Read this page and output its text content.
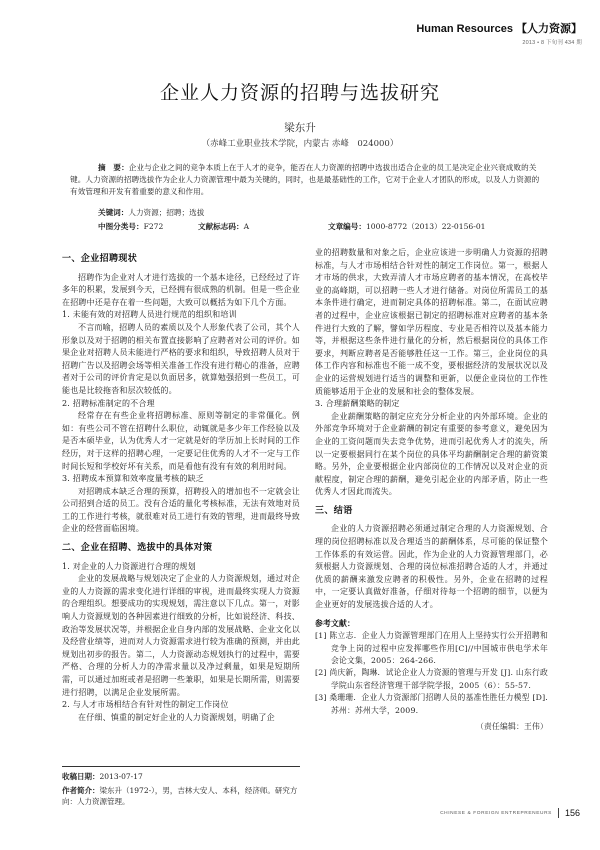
Human Resources 【人力资源】
2013 • 8 下旬刊 434 期
企业人力资源的招聘与选拔研究
梁东升
（赤峰工业职业技术学院，内蒙古 赤峰　024000）
摘　要：企业与企业之间的竞争本质上在于人才的竞争，能否在人力资源的招聘中选拔出适合企业的员工是决定企业兴衰成败的关键。人力资源的招聘选拔作为企业人力资源管理中最为关键的，同时，也是最基础性的工作，它对于企业人才团队的形成，以及人力资源的有效管理和开发有着重要的意义和作用。
关键词：人力资源；招聘；选拔
中图分类号：F272	文献标志码：A	文章编号：1000-8772（2013）22-0156-01
一、企业招聘现状

招聘作为企业对人才进行选拔的一个基本途径，已经经过了许多年的积累，发展到今天，已经拥有很成熟的机制。但是一些企业在招聘中还是存在着一些问题，大致可以概括为如下几个方面。

1. 未能有效的对招聘人员进行规范的组织和培训

不言而喻，招聘人员的素质以及个人形象代表了公司，其个人形象以及对于招聘的相关布置直接影响了应聘者对公司的评价。如果企业对招聘人员未能进行严格的要求和组织，导致招聘人员对于招聘广告以及招聘会场等相关准备工作没有进行精心的准备，应聘者对于公司的评价肯定是以负面居多，就算勉强招到一些员工，可能也是比较拖沓和层次较低的。

2. 招聘标准制定的不合理

经常存在有些企业将招聘标准、原则等制定的非常僵化。例如：有些公司不管在招聘什么职位，动辄就是多少年工作经验以及是否本硕毕业，认为优秀人才一定就是好的学历加上长时间的工作经历，对于这样的招聘心理，一定要记住优秀的人才不一定与工作时间长短和学校好坏有关系，而是看他有没有有效的利用时间。

3. 招聘成本预算和效率度量考核的缺乏

对招聘成本缺乏合理的预算，招聘投入的增加也不一定就会让公司招到合适的员工。没有合适的量化考核标准，无法有效地对员工的工作进行考核，就很难对员工进行有效的管理，进而最终导致企业的经营面临困境。

二、企业在招聘、选拔中的具体对策

1. 对企业的人力资源进行合理的规划

企业的发展战略与规划决定了企业的人力资源规划，通过对企业的人力资源的需求变化进行详细的审视，进而最终实现人力资源的合理组织。想要成功的实现规划，需注意以下几点。第一，对影响人力资源规划的各种因素进行细致的分析，比如说经济、科技、政治等发展状况等，并根据企业自身内部的发展战略、企业文化以及经营业绩等，进而对人力资源需求进行较为准确的预测，并由此规划出初步的报告。第二，人力资源动态规划执行的过程中，需要严格、合理的分析人力的净需求量以及净过剩量，如果是短期所需，可以通过加班或者是招聘一些兼职，如果是长期所需，则需要进行招聘，以满足企业发展所需。

2. 与人才市场相结合有针对性的制定工作岗位

在仔细、慎重的制定好企业的人力资源规划，明确了企

业的招聘数量和对象之后，企业应该进一步明确人力资源的招聘标准，与人才市场相结合针对性的制定工作岗位。第一，根据人才市场的供求，大致弄清人才市场应聘者的基本情况，在高校毕业的高峰期，可以招聘一些人才进行储备。对岗位所需员工的基本条件进行确定，进而制定具体的招聘标准。第二，在面试应聘者的过程中，企业应该根据已制定的招聘标准对应聘者的基本条件进行大致的了解，譬如学历程度、专业是否相符以及基本能力等，并根据这些条件进行量化的分析，然后根据岗位的具体工作要求，判断应聘者是否能够胜任这一工作。第三，企业岗位的具体工作内容和标准也不能一成不变，要根据经济的发展状况以及企业的运营规划进行适当的调整和更新，以便企业岗位的工作性质能够适用于企业的发展和社会的整体发展。

3. 合理薪酬策略的制定

企业薪酬策略的制定应充分分析企业的内外部环境。企业的外部竞争环境对于企业薪酬的制定有重要的参考意义，避免因为企业的工资问题而失去竞争优势，进而引起优秀人才的流失，所以一定要根据同行在某个岗位的具体平均薪酬制定合理的薪资策略。另外，企业要根据企业内部岗位的工作情况以及对企业的贡献程度，制定合理的薪酬，避免引起企业的内部矛盾，防止一些优秀人才因此而流失。

三、结语

企业的人力资源招聘必须通过制定合理的人力资源规划、合理的岗位招聘标准以及合理适当的薪酬体系，尽可能的保证整个工作体系的有效运营。因此，作为企业的人力资源管理部门，必须根据人力资源规划、合理的岗位标准招聘合适的人才，并通过优质的薪酬来激发应聘者的积极性。另外，企业在招聘的过程中，一定要认真做好准备，仔细对待每一个招聘的细节，以便为企业更好的发展选拔合适的人才。

参考文献：
[1] 陈立志．企业人力资源管理部门在用人上坚持实行公开招聘和竞争上岗的过程中应发挥哪些作用[C]//中国城市供电学术年会论文集，2005：264-266.
[2] 尚庆新，陶琳．试论企业人力资源的管理与开发 [J]. 山东行政学院山东省经济管理干部学院学报，2005（6）：55-57.
[3] 桑珊珊．企业人力资源部门招聘人员的基准性胜任力模型 [D]. 苏州：苏州大学，2009.
（责任编辑：王伟）
收稿日期：2013-07-17
作者简介：梁东升（1972-），男，吉林大安人、本科，经济师。研究方向：人力资源管理。
CHINESE & FOREIGN ENTREPRENEURS 156
